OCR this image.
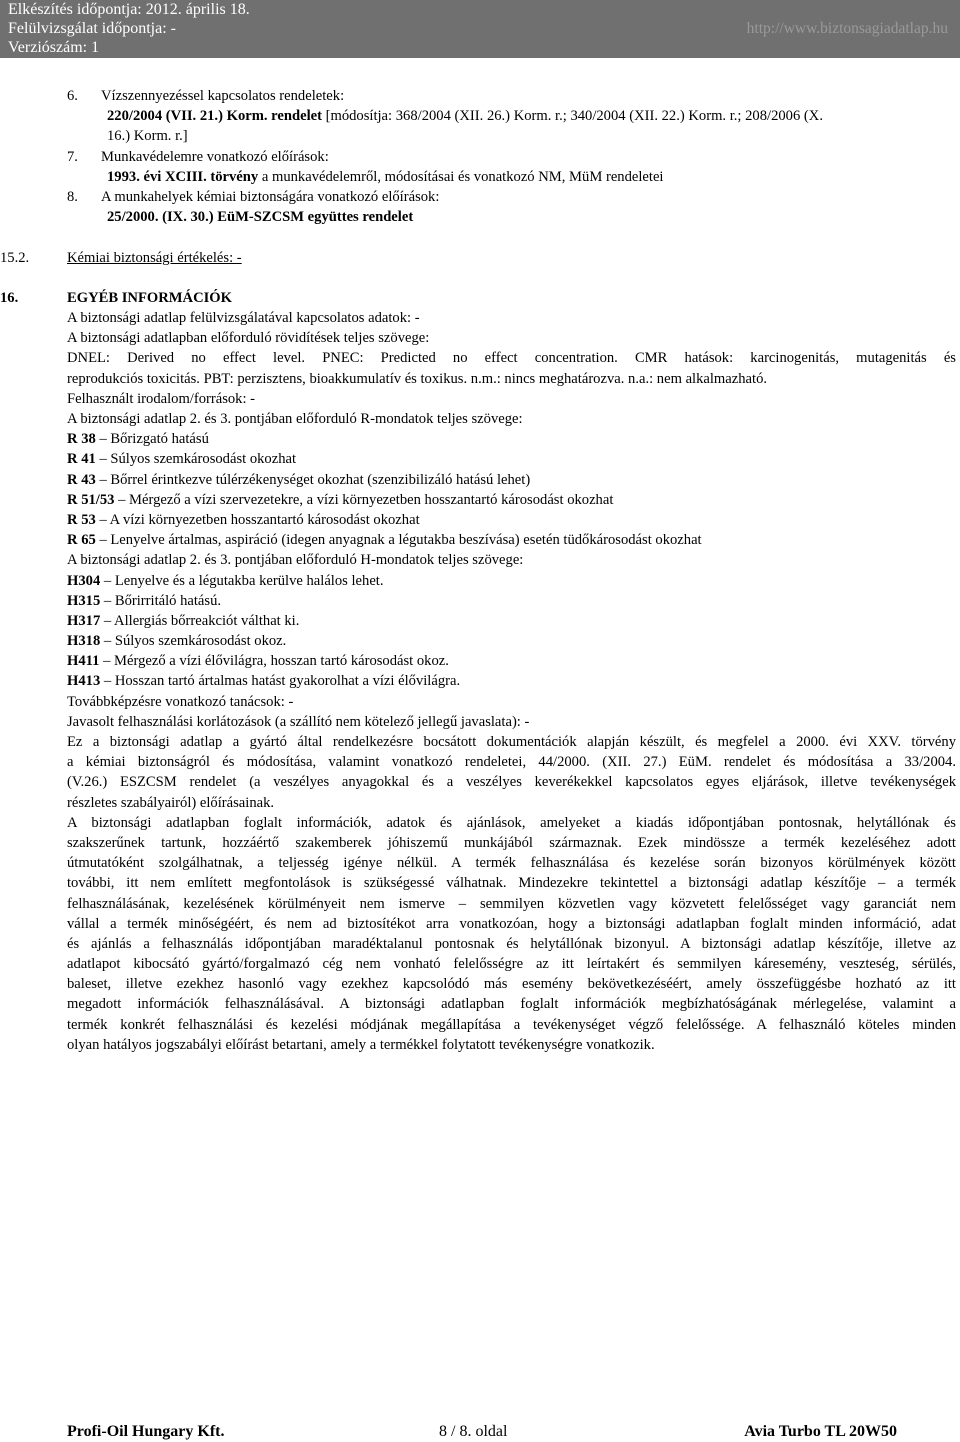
Elkészítés időpontja: 2012. április 18.
Felülvizsgálat időpontja: -
Verziószám: 1
http://www.biztonsagiadatlap.hu
6. Vízszennyezéssel kapcsolatos rendeletek:
220/2004 (VII. 21.) Korm. rendelet [módosítja: 368/2004 (XII. 26.) Korm. r.; 340/2004 (XII. 22.) Korm. r.; 208/2006 (X.
16.) Korm. r.]
7. Munkavédelemre vonatkozó előírások:
1993. évi XCIII. törvény a munkavédelemről, módosításai és vonatkozó NM, MüM rendeletei
8. A munkahelyek kémiai biztonságára vonatkozó előírások:
25/2000. (IX. 30.) EüM-SZCSM együttes rendelet
15.2.	Kémiai biztonsági értékelés: -
16.	EGYÉB INFORMÁCIÓK
A biztonsági adatlap felülvizsgálatával kapcsolatos adatok: -
A biztonsági adatlapban előforduló rövidítések teljes szövege:
DNEL: Derived no effect level. PNEC: Predicted no effect concentration. CMR hatások: karcinogenitás, mutagenitás és
reprodukciós toxicitás. PBT: perzisztens, bioakkumulatív és toxikus. n.m.: nincs meghatározva. n.a.: nem alkalmazható.
Felhasznált irodalom/források: -
A biztonsági adatlap 2. és 3. pontjában előforduló R-mondatok teljes szövege:
R 38 – Bőrizgató hatású
R 41 – Súlyos szemkárosodást okozhat
R 43 – Bőrrel érintkezve túlérzékenységet okozhat (szenzibilizáló hatású lehet)
R 51/53 – Mérgező a vízi szervezetekre, a vízi környezetben hosszantartó károsodást okozhat
R 53 – A vízi környezetben hosszantartó károsodást okozhat
R 65 – Lenyelve ártalmas, aspiráció (idegen anyagnak a légutakba beszívása) esetén tüdőkárosodást okozhat
A biztonsági adatlap 2. és 3. pontjában előforduló H-mondatok teljes szövege:
H304 – Lenyelve és a légutakba kerülve halálos lehet.
H315 – Bőrirritáló hatású.
H317 – Allergiás bőrreakciót válthat ki.
H318 – Súlyos szemkárosodást okoz.
H411 – Mérgező a vízi élővilágra, hosszan tartó károsodást okoz.
H413 – Hosszan tartó ártalmas hatást gyakorolhat a vízi élővilágra.
Továbbképzésre vonatkozó tanácsok: -
Javasolt felhasználási korlátozások (a szállító nem kötelező jellegű javaslata): -
Ez a biztonsági adatlap a gyártó által rendelkezésre bocsátott dokumentációk alapján készült, és megfelel a 2000. évi XXV. törvény
a kémiai biztonságról és módosítása, valamint vonatkozó rendeletei, 44/2000. (XII. 27.) EüM. rendelet és módosítása a 33/2004.
(V.26.) ESZCSM rendelet (a veszélyes anyagokkal és a veszélyes keverékekkel kapcsolatos egyes eljárások, illetve tevékenységek
részletes szabályairól) előírásainak.
A biztonsági adatlapban foglalt információk, adatok és ajánlások, amelyeket a kiadás időpontjában pontosnak, helytállónak és
szakszerűnek tartunk, hozzáértő szakemberek jóhiszemű munkájából származnak. Ezek mindössze a termék kezeléséhez adott
útmutatóként szolgálhatnak, a teljesség igénye nélkül. A termék felhasználása és kezelése során bizonyos körülmények között
további, itt nem említett megfontolások is szükségessé válhatnak. Mindezekre tekintettel a biztonsági adatlap készítője – a termék
felhasználásának, kezelésének körülményeit nem ismerve – semmilyen közvetlen vagy közvetett felelősséget vagy garanciát nem
vállal a termék minőségéért, és nem ad biztosítékot arra vonatkozóan, hogy a biztonsági adatlapban foglalt minden információ, adat
és ajánlás a felhasználás időpontjában maradéktalanul pontosnak és helytállónak bizonyul. A biztonsági adatlap készítője, illetve az
adatlapot kibocsátó gyártó/forgalmazó cég nem vonható felelősségre az itt leírtakért és semmilyen káresemény, veszteség, sérülés,
baleset, illetve ezekhez hasonló vagy ezekhez kapcsolódó más esemény bekövetkezéséért, amely összefüggésbe hozható az itt
megadott információk felhasználásával. A biztonsági adatlapban foglalt információk megbízhatóságának mérlegelése, valamint a
termék konkrét felhasználási és kezelési módjának megállapítása a tevékenységet végző felelőssége. A felhasználó köteles minden
olyan hatályos jogszabályi előírást betartani, amely a termékkel folytatott tevékenységre vonatkozik.
Profi-Oil Hungary Kft.	8 / 8. oldal	Avia Turbo TL 20W50
